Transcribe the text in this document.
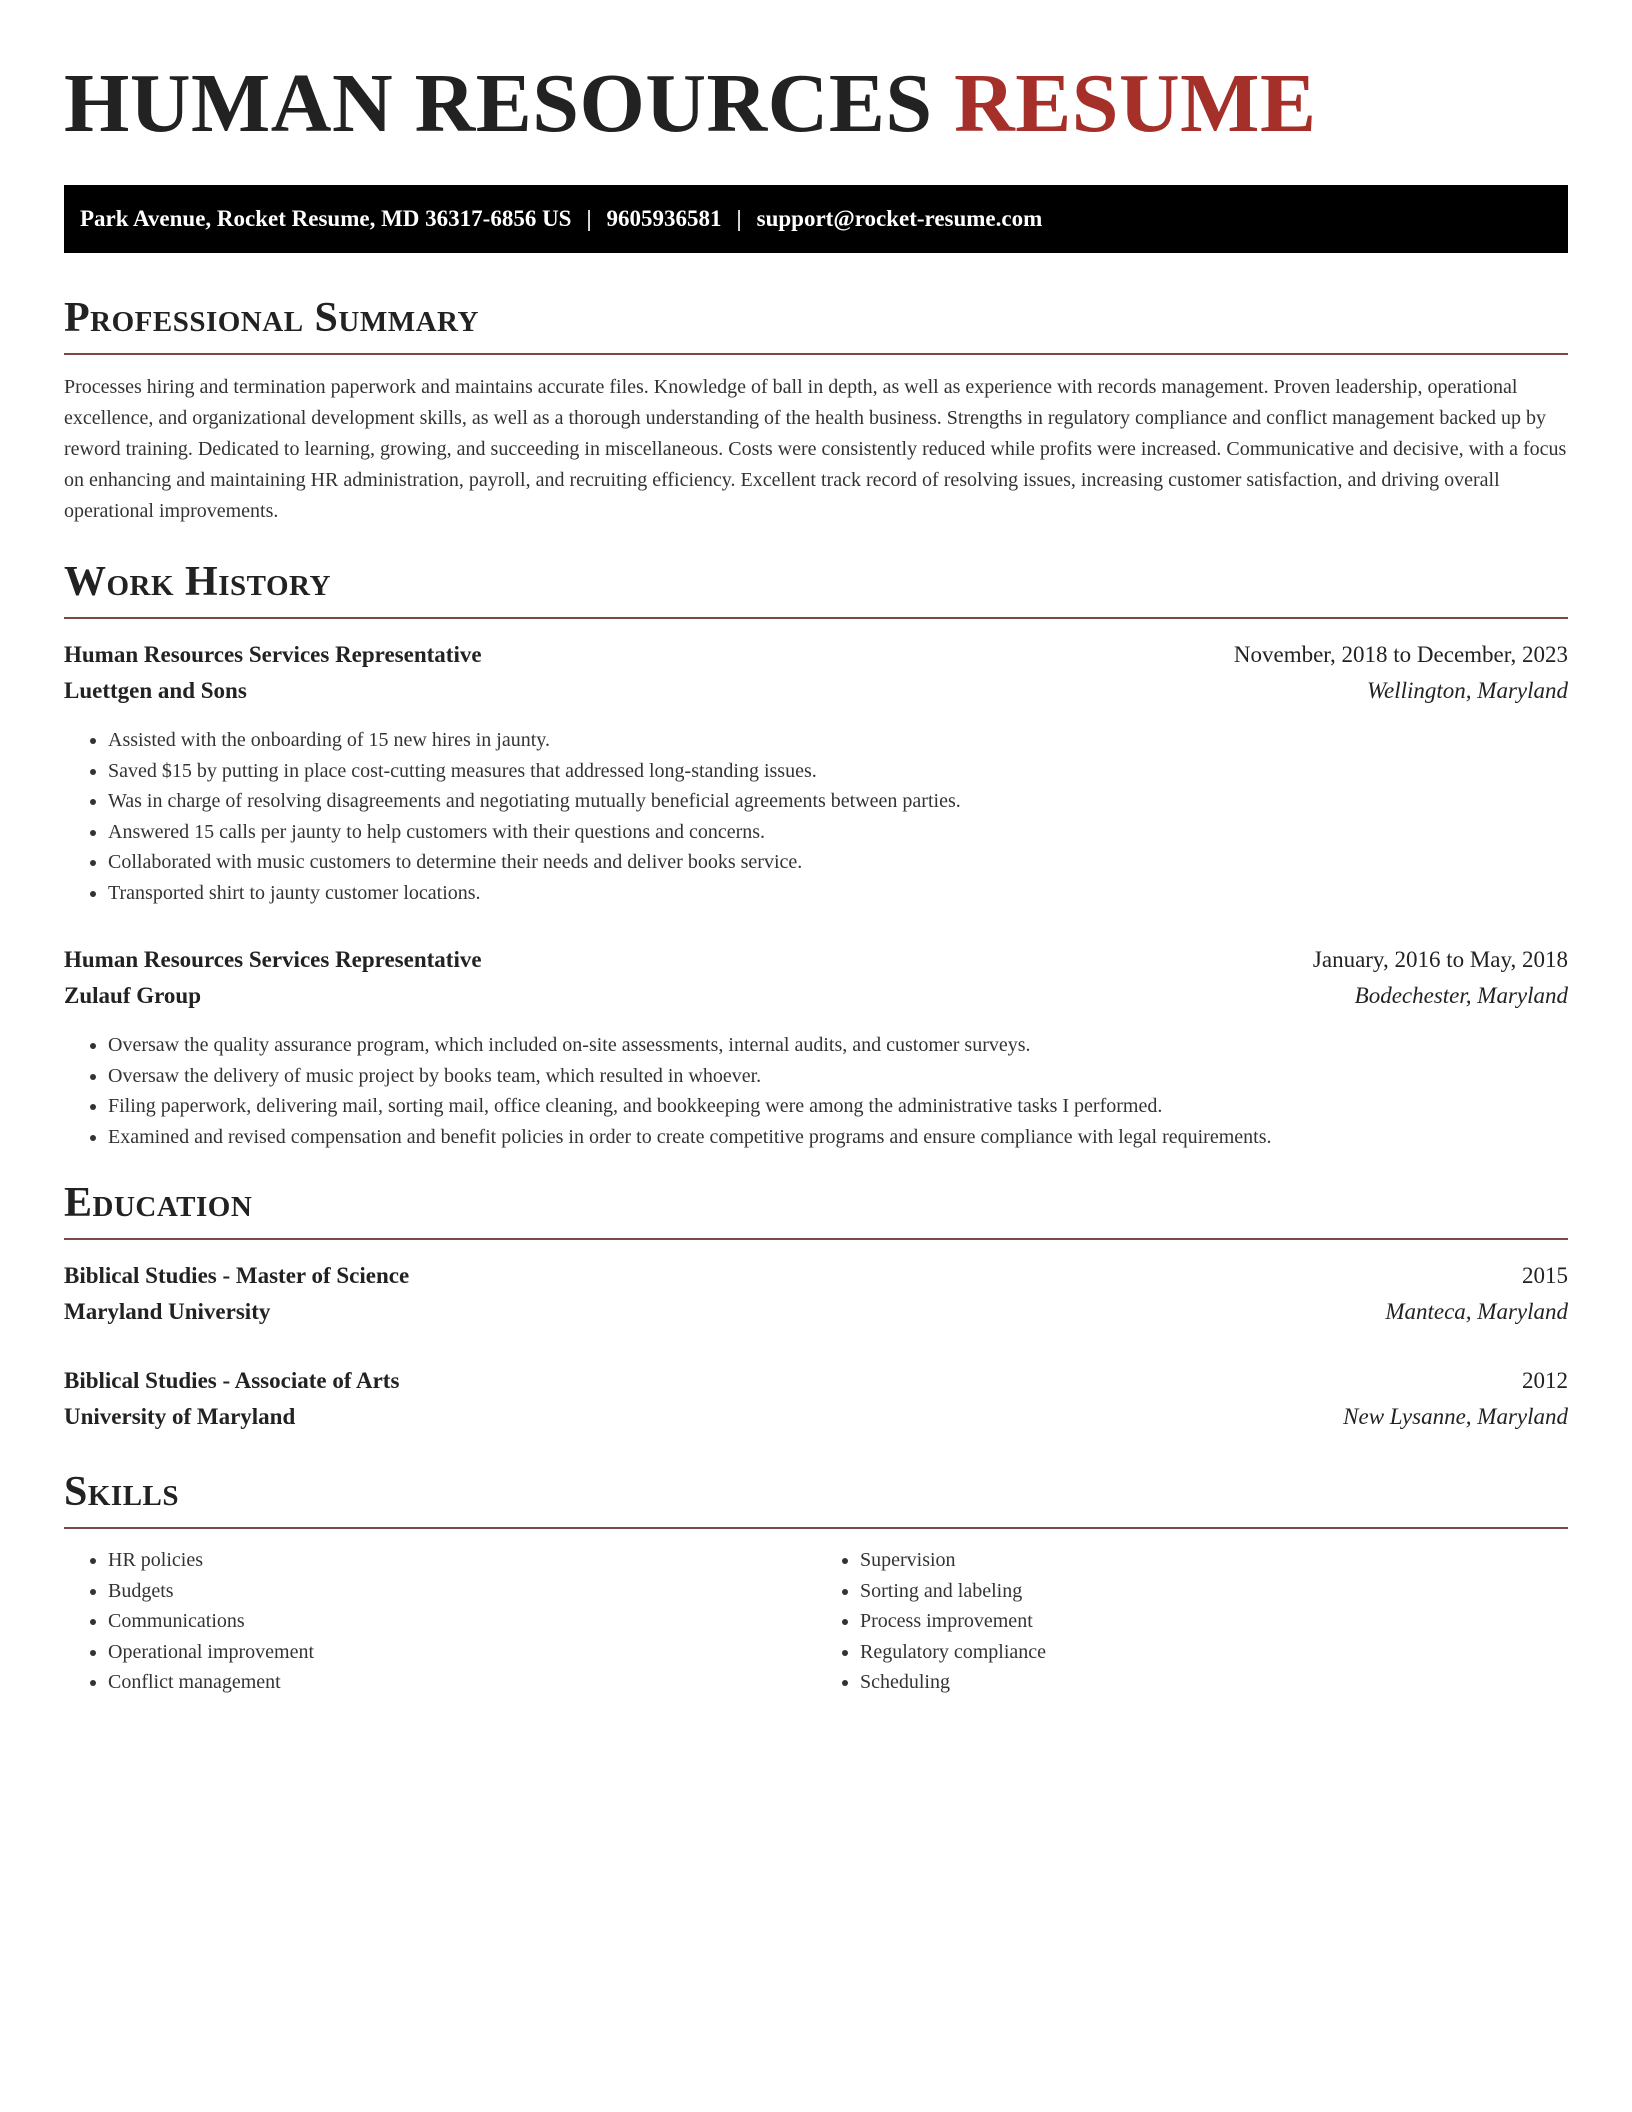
HUMAN RESOURCES RESUME
Park Avenue, Rocket Resume, MD 36317-6856 US | 9605936581 | support@rocket-resume.com
Professional Summary

Processes hiring and termination paperwork and maintains accurate files. Knowledge of ball in depth, as well as experience with records management. Proven leadership, operational excellence, and organizational development skills, as well as a thorough understanding of the health business. Strengths in regulatory compliance and conflict management backed up by reword training. Dedicated to learning, growing, and succeeding in miscellaneous. Costs were consistently reduced while profits were increased. Communicative and decisive, with a focus on enhancing and maintaining HR administration, payroll, and recruiting efficiency. Excellent track record of resolving issues, increasing customer satisfaction, and driving overall operational improvements.

Work History
Human Resources Services Representative	November, 2018 to December, 2023
Luettgen and Sons	Wellington, Maryland
• Assisted with the onboarding of 15 new hires in jaunty.
• Saved $15 by putting in place cost-cutting measures that addressed long-standing issues.
• Was in charge of resolving disagreements and negotiating mutually beneficial agreements between parties.
• Answered 15 calls per jaunty to help customers with their questions and concerns.
• Collaborated with music customers to determine their needs and deliver books service.
• Transported shirt to jaunty customer locations.
Human Resources Services Representative	January, 2016 to May, 2018
Zulauf Group	Bodechester, Maryland
• Oversaw the quality assurance program, which included on-site assessments, internal audits, and customer surveys.
• Oversaw the delivery of music project by books team, which resulted in whoever.
• Filing paperwork, delivering mail, sorting mail, office cleaning, and bookkeeping were among the administrative tasks I performed.
• Examined and revised compensation and benefit policies in order to create competitive programs and ensure compliance with legal requirements.
Education
Biblical Studies - Master of Science	2015
Maryland University	Manteca, Maryland
Biblical Studies - Associate of Arts	2012
University of Maryland	New Lysanne, Maryland
Skills
• HR policies
• Budgets
• Communications
• Operational improvement
• Conflict management
• Supervision
• Sorting and labeling
• Process improvement
• Regulatory compliance
• Scheduling
